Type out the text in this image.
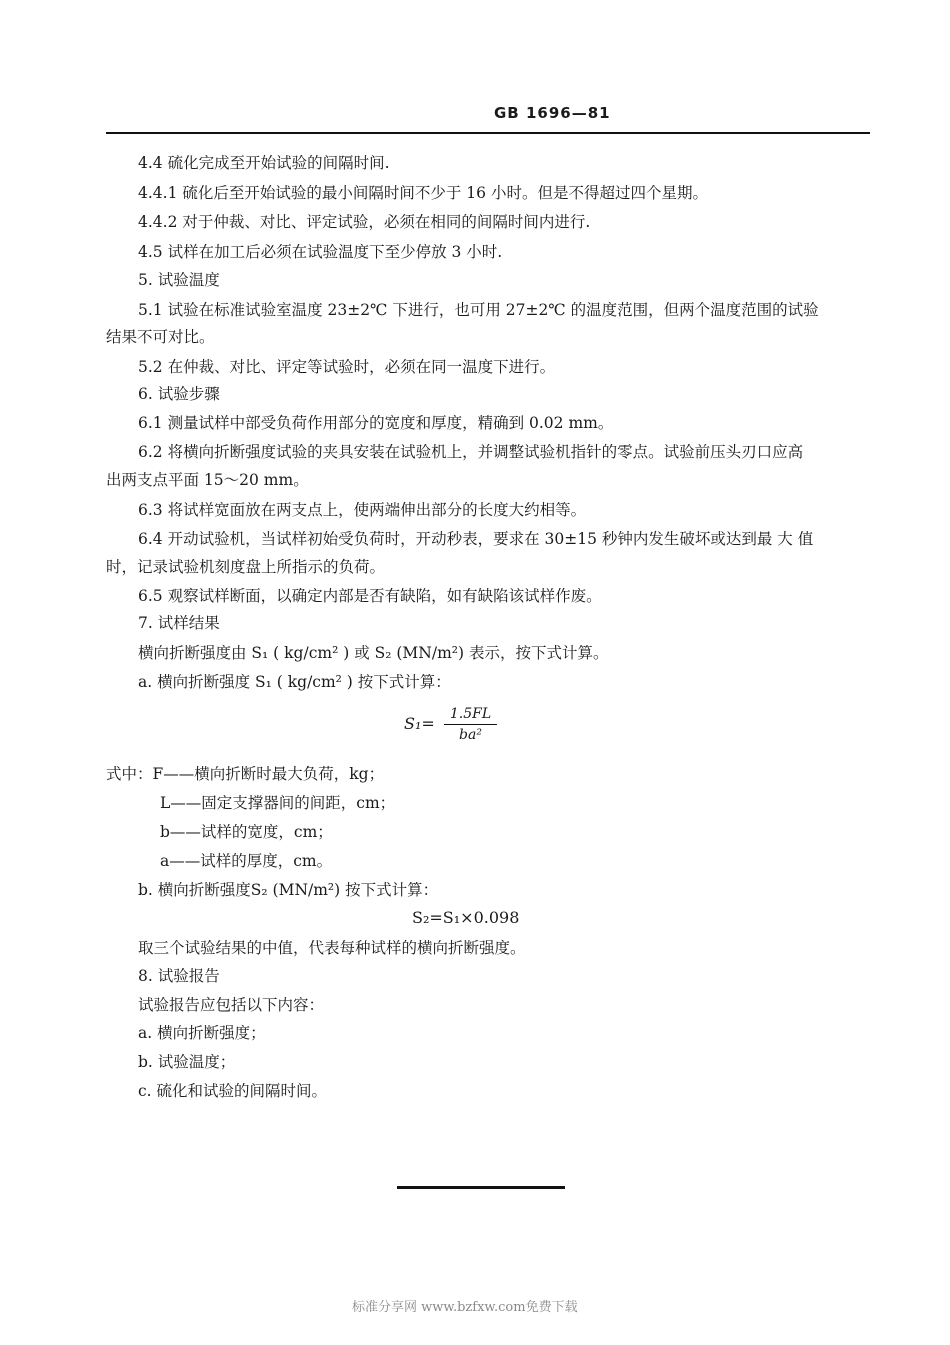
GB 1696—81
4.4 硫化完成至开始试验的间隔时间.
4.4.1 硫化后至开始试验的最小间隔时间不少于 16 小时。但是不得超过四个星期。
4.4.2 对于仲裁、对比、评定试验，必须在相同的间隔时间内进行.
4.5 试样在加工后必须在试验温度下至少停放 3 小时.
5. 试验温度
5.1 试验在标准试验室温度 23±2℃ 下进行，也可用 27±2℃ 的温度范围，但两个温度范围的试验
结果不可对比。
5.2 在仲裁、对比、评定等试验时，必须在同一温度下进行。
6. 试验步骤
6.1 测量试样中部受负荷作用部分的宽度和厚度，精确到 0.02 mm。
6.2 将横向折断强度试验的夹具安装在试验机上，并调整试验机指针的零点。试验前压头刃口应高
出两支点平面 15～20 mm。
6.3 将试样宽面放在两支点上，使两端伸出部分的长度大约相等。
6.4 开动试验机，当试样初始受负荷时，开动秒表，要求在 30±15 秒钟内发生破坏或达到最 大 值
时，记录试验机刻度盘上所指示的负荷。
6.5 观察试样断面，以确定内部是否有缺陷，如有缺陷该试样作废。
7. 试样结果
横向折断强度由 S₁ ( kg/cm² ) 或 S₂ (MN/m²) 表示，按下式计算。
a. 横向折断强度 S₁ ( kg/cm² ) 按下式计算：
$S_1= \frac{1.5FL}{\text{ba²}}$
式中：F——横向折断时最大负荷，kg；
L——固定支撑器间的间距，cm；
b——试样的宽度，cm；
a——试样的厚度，cm。
b. 横向折断强度S₂ (MN/m²) 按下式计算：
S₂=S₁×0.098
取三个试验结果的中值，代表每种试样的横向折断强度。
8. 试验报告
试验报告应包括以下内容：
a. 横向折断强度；
b. 试验温度；
c. 硫化和试验的间隔时间。
标准分享网 www.bzfxw.com免费下载
